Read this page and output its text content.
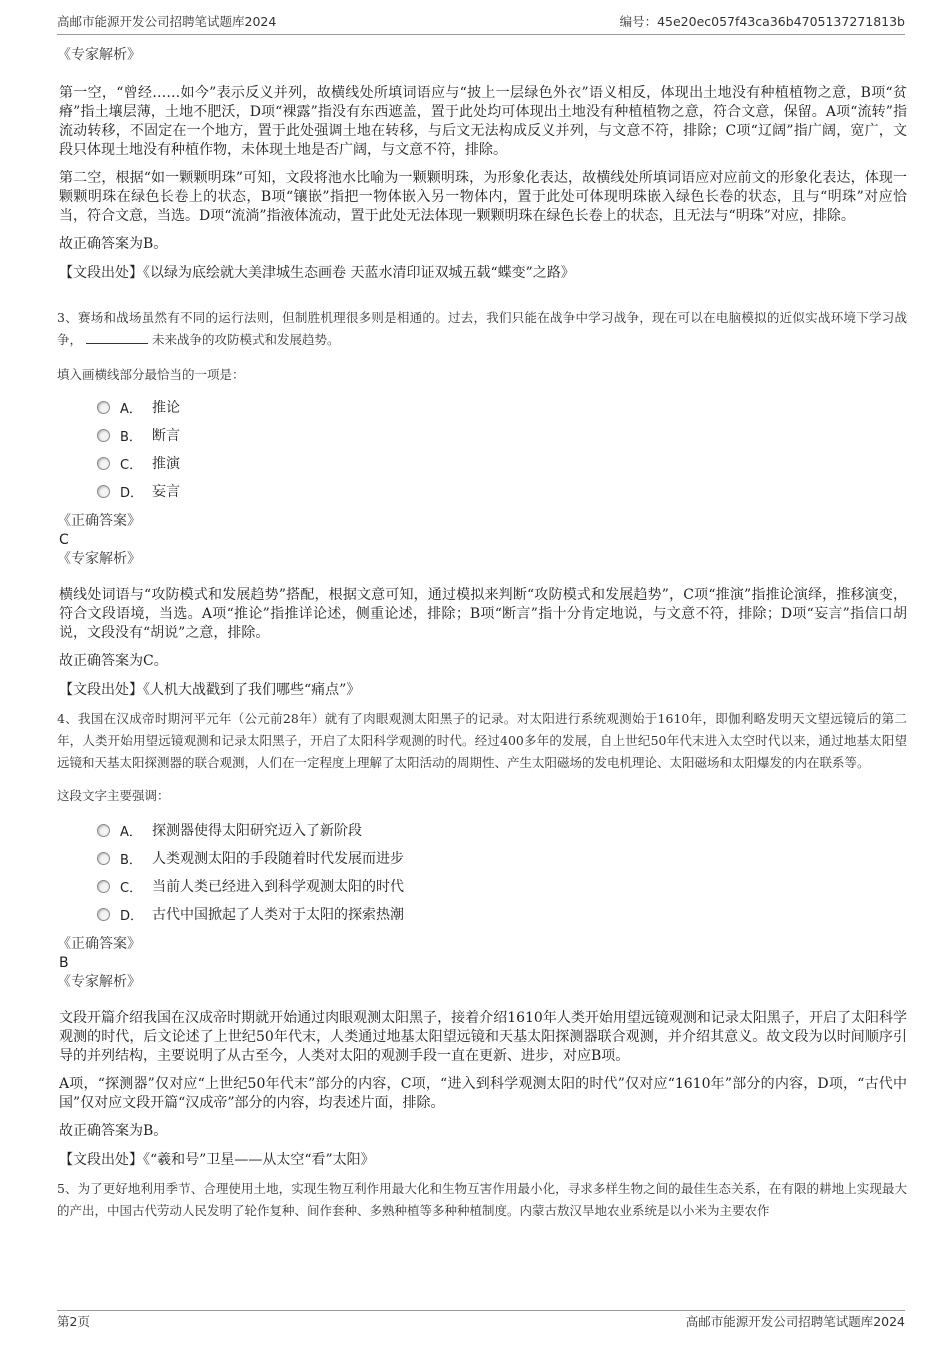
高邮市能源开发公司招聘笔试题库2024	编号：45e20ec057f43ca36b4705137271813b

《专家解析》

第一空，“曾经……如今”表示反义并列，故横线处所填词语应与“披上一层绿色外衣”语义相反，体现出土地没有种植植物之意，B项“贫瘠”指土壤层薄，土地不肥沃，D项“裸露”指没有东西遮盖，置于此处均可体现出土地没有种植植物之意，符合文意，保留。A项“流转”指流动转移，不固定在一个地方，置于此处强调土地在转移，与后文无法构成反义并列，与文意不符，排除；C项“辽阔”指广阔，宽广，文段只体现土地没有种植作物，未体现土地是否广阔，与文意不符，排除。

第二空，根据“如一颗颗明珠”可知，文段将池水比喻为一颗颗明珠，为形象化表达，故横线处所填词语应对应前文的形象化表达，体现一颗颗明珠在绿色长卷上的状态，B项“镶嵌”指把一物体嵌入另一物体内，置于此处可体现明珠嵌入绿色长卷的状态，且与“明珠”对应恰当，符合文意，当选。D项“流淌”指液体流动，置于此处无法体现一颗颗明珠在绿色长卷上的状态，且无法与“明珠”对应，排除。

故正确答案为B。

【文段出处】《以绿为底绘就大美津城生态画卷 天蓝水清印证双城五载“蝶变”之路》

3、赛场和战场虽然有不同的运行法则，但制胜机理很多则是相通的。过去，我们只能在战争中学习战争，现在可以在电脑模拟的近似实战环境下学习战争，	未来战争的攻防模式和发展趋势。

填入画横线部分最恰当的一项是：

A． 推论
B． 断言
C． 推演
D． 妄言

《正确答案》

C

《专家解析》

横线处词语与“攻防模式和发展趋势”搭配，根据文意可知，通过模拟来判断“攻防模式和发展趋势”，C项“推演”指推论演绎，推移演变，符合文段语境，当选。A项“推论”指推详论述，侧重论述，排除；B项“断言”指十分肯定地说，与文意不符，排除；D项“妄言”指信口胡说，文段没有“胡说”之意，排除。

故正确答案为C。

【文段出处】《人机大战戳到了我们哪些“痛点”》

4、我国在汉成帝时期河平元年（公元前28年）就有了肉眼观测太阳黑子的记录。对太阳进行系统观测始于1610年，即伽利略发明天文望远镜后的第二年，人类开始用望远镜观测和记录太阳黑子，开启了太阳科学观测的时代。经过400多年的发展，自上世纪50年代末进入太空时代以来，通过地基太阳望远镜和天基太阳探测器的联合观测，人们在一定程度上理解了太阳活动的周期性、产生太阳磁场的发电机理论、太阳磁场和太阳爆发的内在联系等。

这段文字主要强调：

A． 探测器使得太阳研究迈入了新阶段
B． 人类观测太阳的手段随着时代发展而进步
C． 当前人类已经进入到科学观测太阳的时代
D． 古代中国掀起了人类对于太阳的探索热潮

《正确答案》

B

《专家解析》

文段开篇介绍我国在汉成帝时期就开始通过肉眼观测太阳黑子，接着介绍1610年人类开始用望远镜观测和记录太阳黑子，开启了太阳科学观测的时代，后文论述了上世纪50年代末，人类通过地基太阳望远镜和天基太阳探测器联合观测，并介绍其意义。故文段为以时间顺序引导的并列结构，主要说明了从古至今，人类对太阳的观测手段一直在更新、进步，对应B项。

A项，“探测器”仅对应“上世纪50年代末”部分的内容，C项，“进入到科学观测太阳的时代”仅对应“1610年”部分的内容，D项，“古代中国”仅对应文段开篇“汉成帝”部分的内容，均表述片面，排除。

故正确答案为B。

【文段出处】《“羲和号”卫星——从太空“看”太阳》

5、为了更好地利用季节、合理使用土地，实现生物互利作用最大化和生物互害作用最小化，寻求多样生物之间的最佳生态关系，在有限的耕地上实现最大的产出，中国古代劳动人民发明了轮作复种、间作套种、多熟种植等多种种植制度。内蒙古敖汉旱地农业系统是以小米为主要农作

第2页	高邮市能源开发公司招聘笔试题库2024
